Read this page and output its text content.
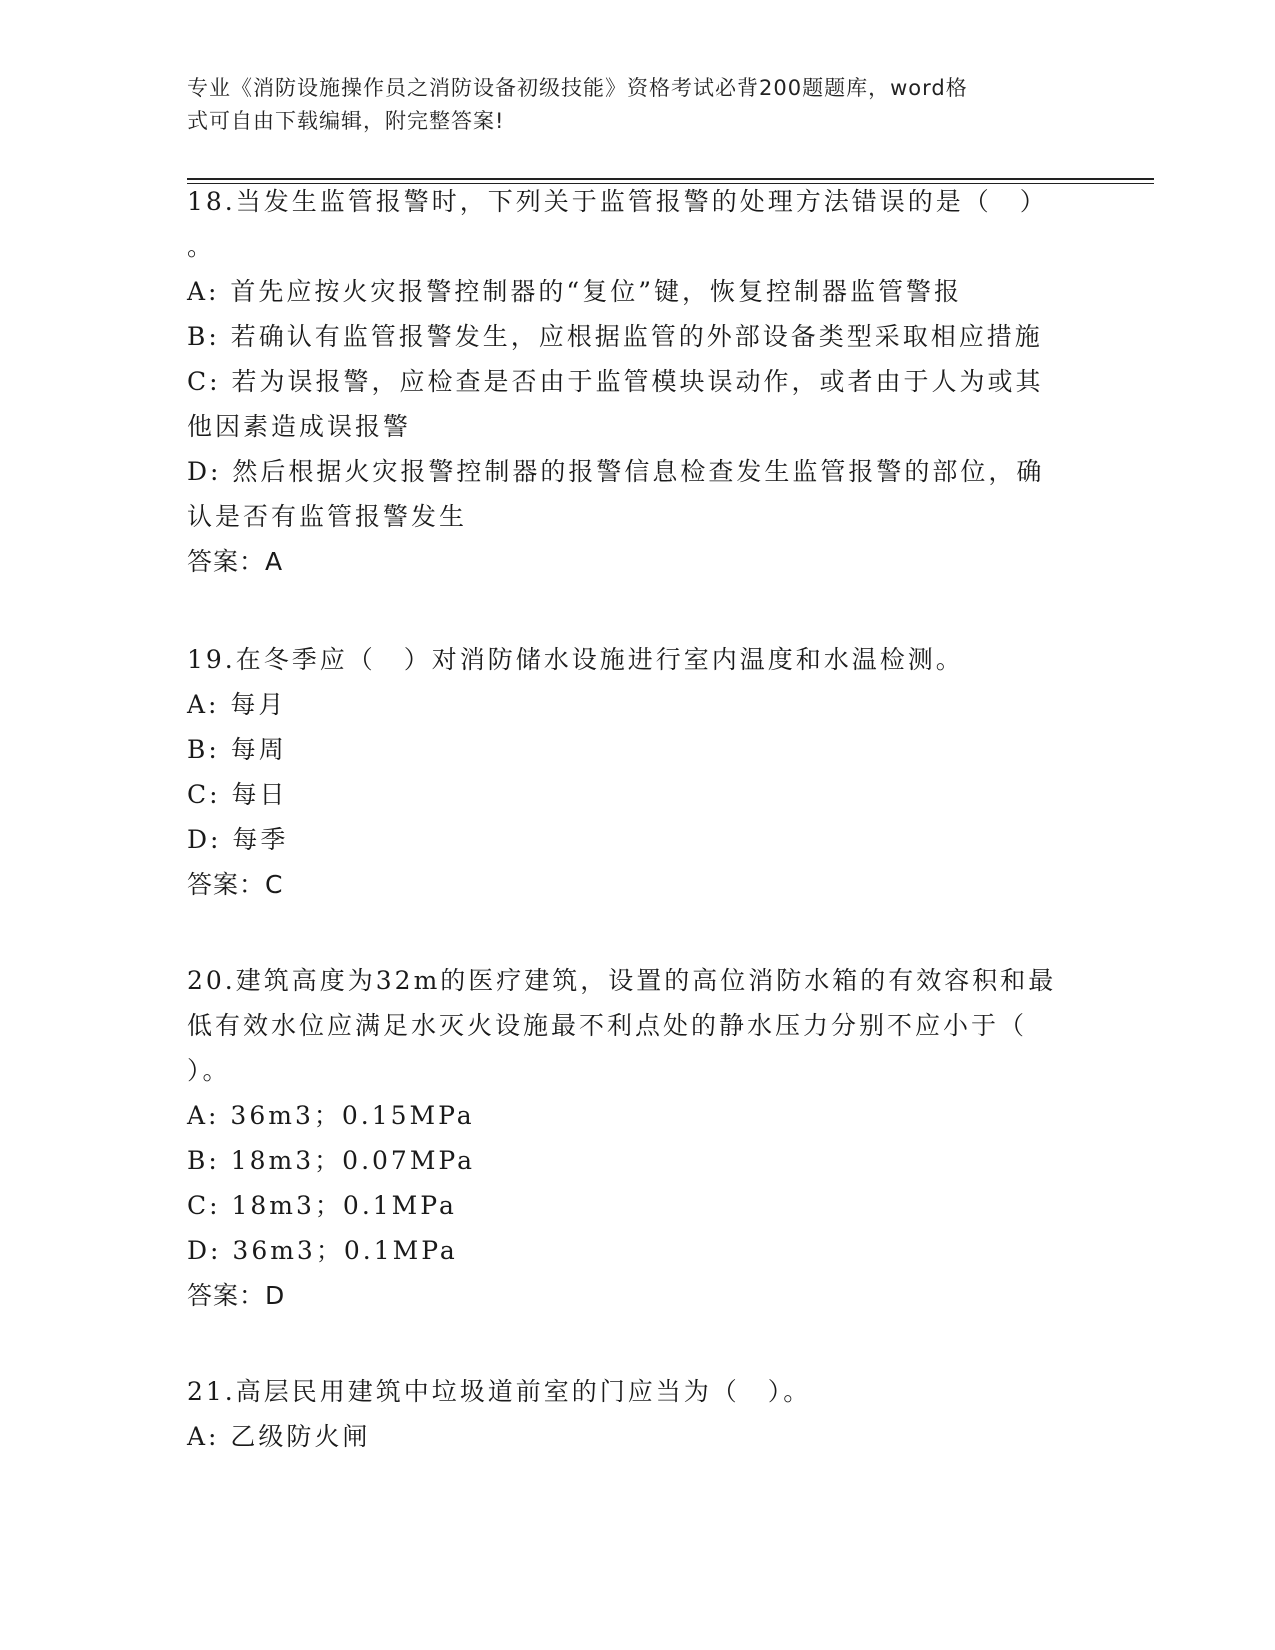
专业《消防设施操作员之消防设备初级技能》资格考试必背200题题库，word格
式可自由下载编辑，附完整答案!
18.当发生监管报警时，下列关于监管报警的处理方法错误的是（　）
。
A: 首先应按火灾报警控制器的“复位”键，恢复控制器监管警报
B: 若确认有监管报警发生，应根据监管的外部设备类型采取相应措施
C: 若为误报警，应检查是否由于监管模块误动作，或者由于人为或其
他因素造成误报警
D: 然后根据火灾报警控制器的报警信息检查发生监管报警的部位，确
认是否有监管报警发生
答案：A
19.在冬季应（　）对消防储水设施进行室内温度和水温检测。
A: 每月
B: 每周
C: 每日
D: 每季
答案：C
20.建筑高度为32m的医疗建筑，设置的高位消防水箱的有效容积和最
低有效水位应满足水灭火设施最不利点处的静水压力分别不应小于（
）。
A: 36m3；0.15MPa
B: 18m3；0.07MPa
C: 18m3；0.1MPa
D: 36m3；0.1MPa
答案：D
21.高层民用建筑中垃圾道前室的门应当为（　）。
A: 乙级防火闸
